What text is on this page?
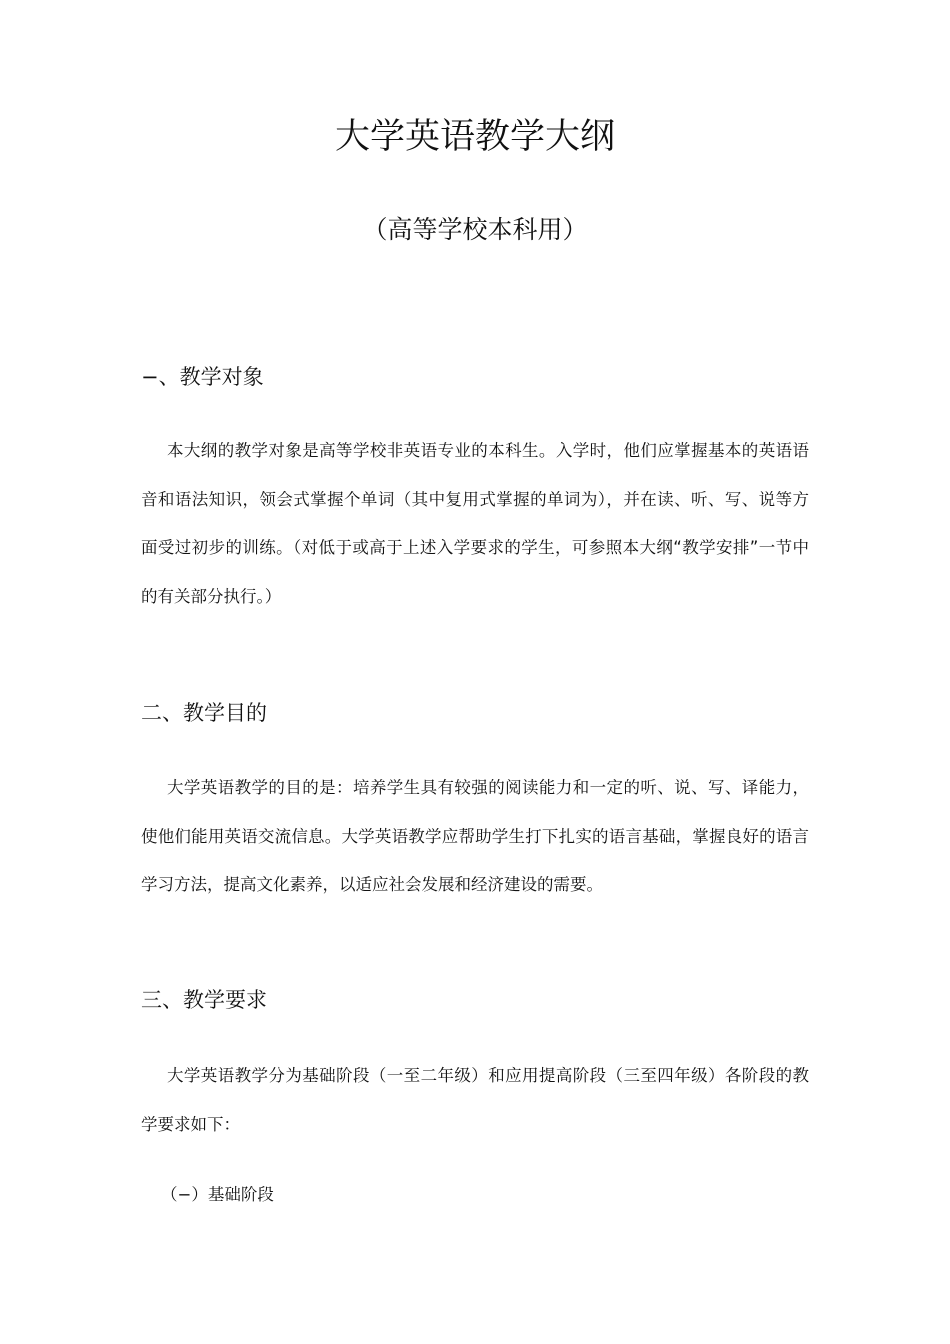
大学英语教学大纲
（高等学校本科用）
−、教学对象
本大纲的教学对象是高等学校非英语专业的本科生。入学时，他们应掌握基本的英语语音和语法知识，领会式掌握个单词（其中复用式掌握的单词为），并在读、听、写、说等方面受过初步的训练。（对低于或高于上述入学要求的学生，可参照本大纲“教学安排”一节中的有关部分执行。）
二、教学目的
大学英语教学的目的是：培养学生具有较强的阅读能力和一定的听、说、写、译能力，使他们能用英语交流信息。大学英语教学应帮助学生打下扎实的语言基础，掌握良好的语言学习方法，提高文化素养，以适应社会发展和经济建设的需要。
三、教学要求
大学英语教学分为基础阶段（一至二年级）和应用提高阶段（三至四年级）各阶段的教学要求如下：
（−）基础阶段
